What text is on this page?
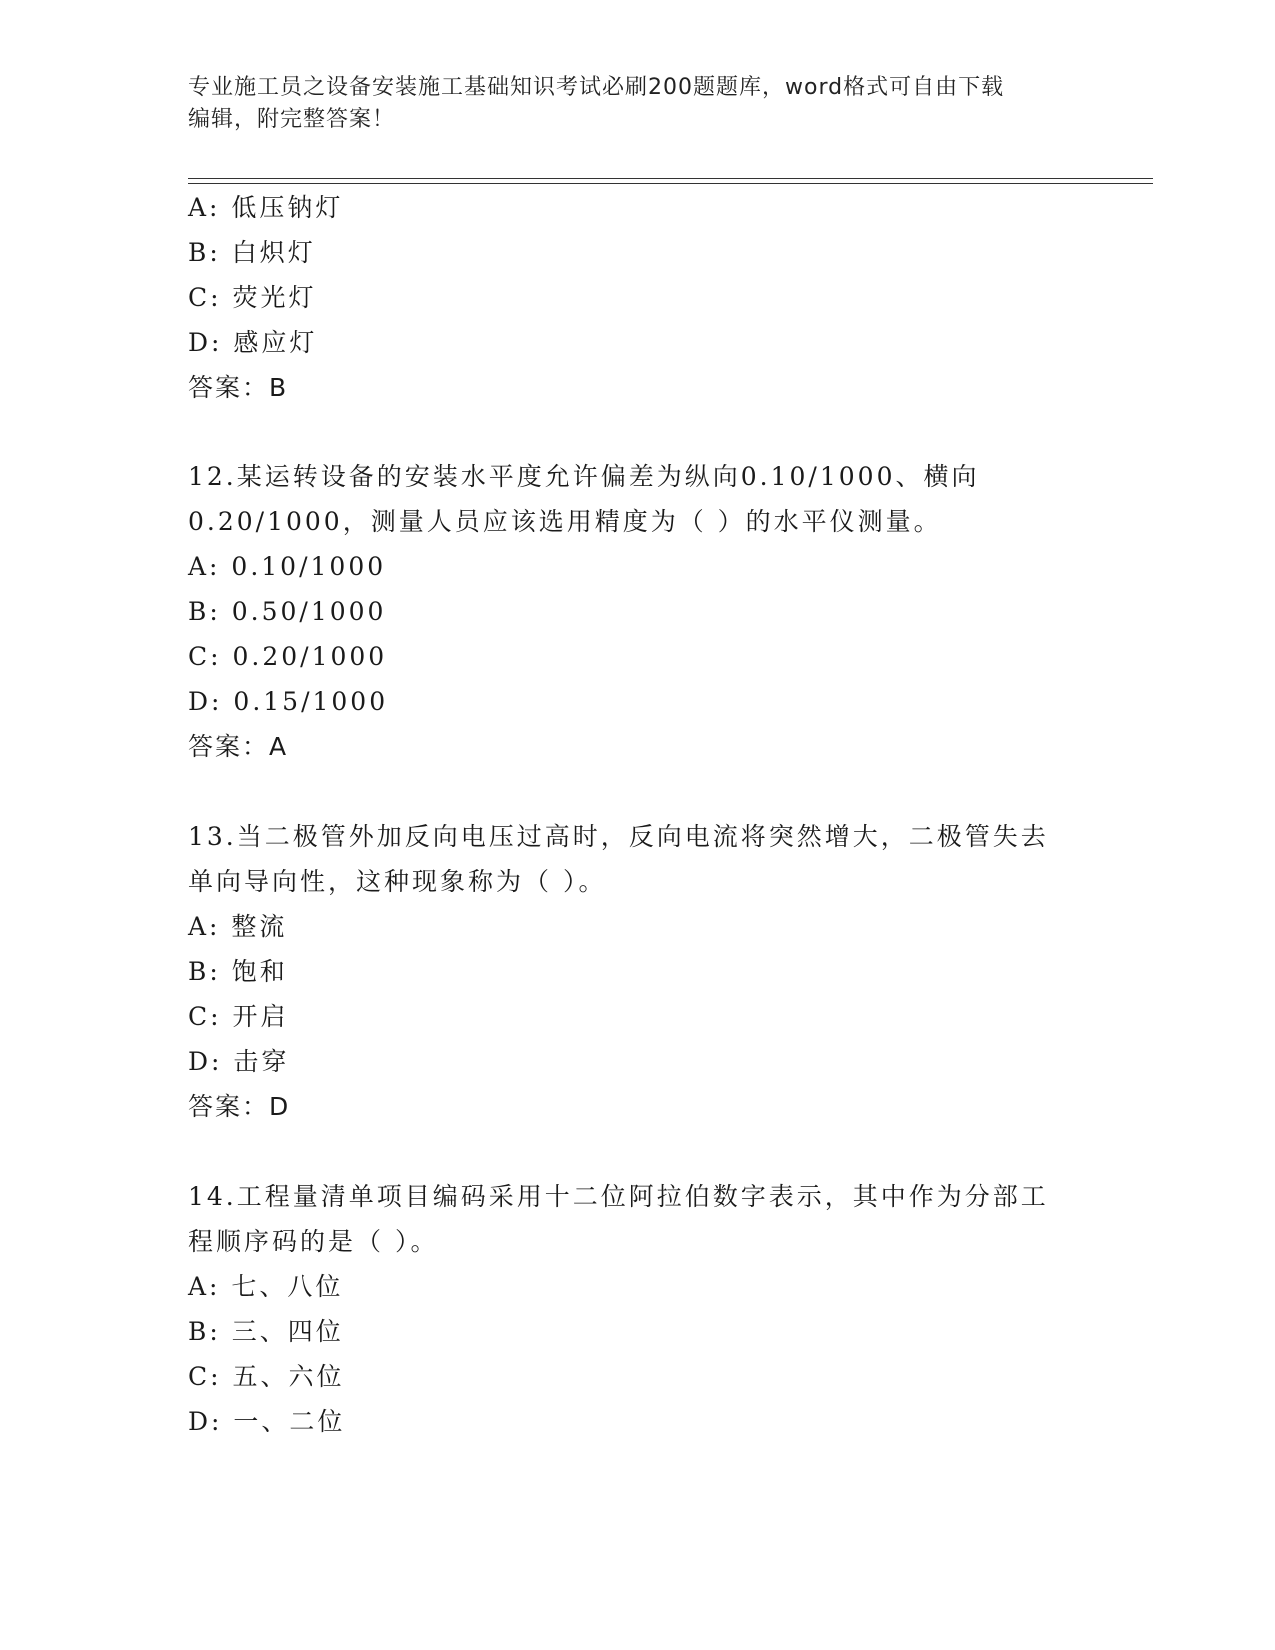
专业施工员之设备安装施工基础知识考试必刷200题题库，word格式可自由下载
编辑，附完整答案！
A: 低压钠灯
B: 白炽灯
C: 荧光灯
D: 感应灯
答案：B
12.某运转设备的安装水平度允许偏差为纵向0.10/1000、横向
0.20/1000，测量人员应该选用精度为（ ）的水平仪测量。
A: 0.10/1000
B: 0.50/1000
C: 0.20/1000
D: 0.15/1000
答案：A
13.当二极管外加反向电压过高时，反向电流将突然增大，二极管失去
单向导向性，这种现象称为（ ）。
A: 整流
B: 饱和
C: 开启
D: 击穿
答案：D
14.工程量清单项目编码采用十二位阿拉伯数字表示，其中作为分部工
程顺序码的是（ ）。
A: 七、八位
B: 三、四位
C: 五、六位
D: 一、二位
